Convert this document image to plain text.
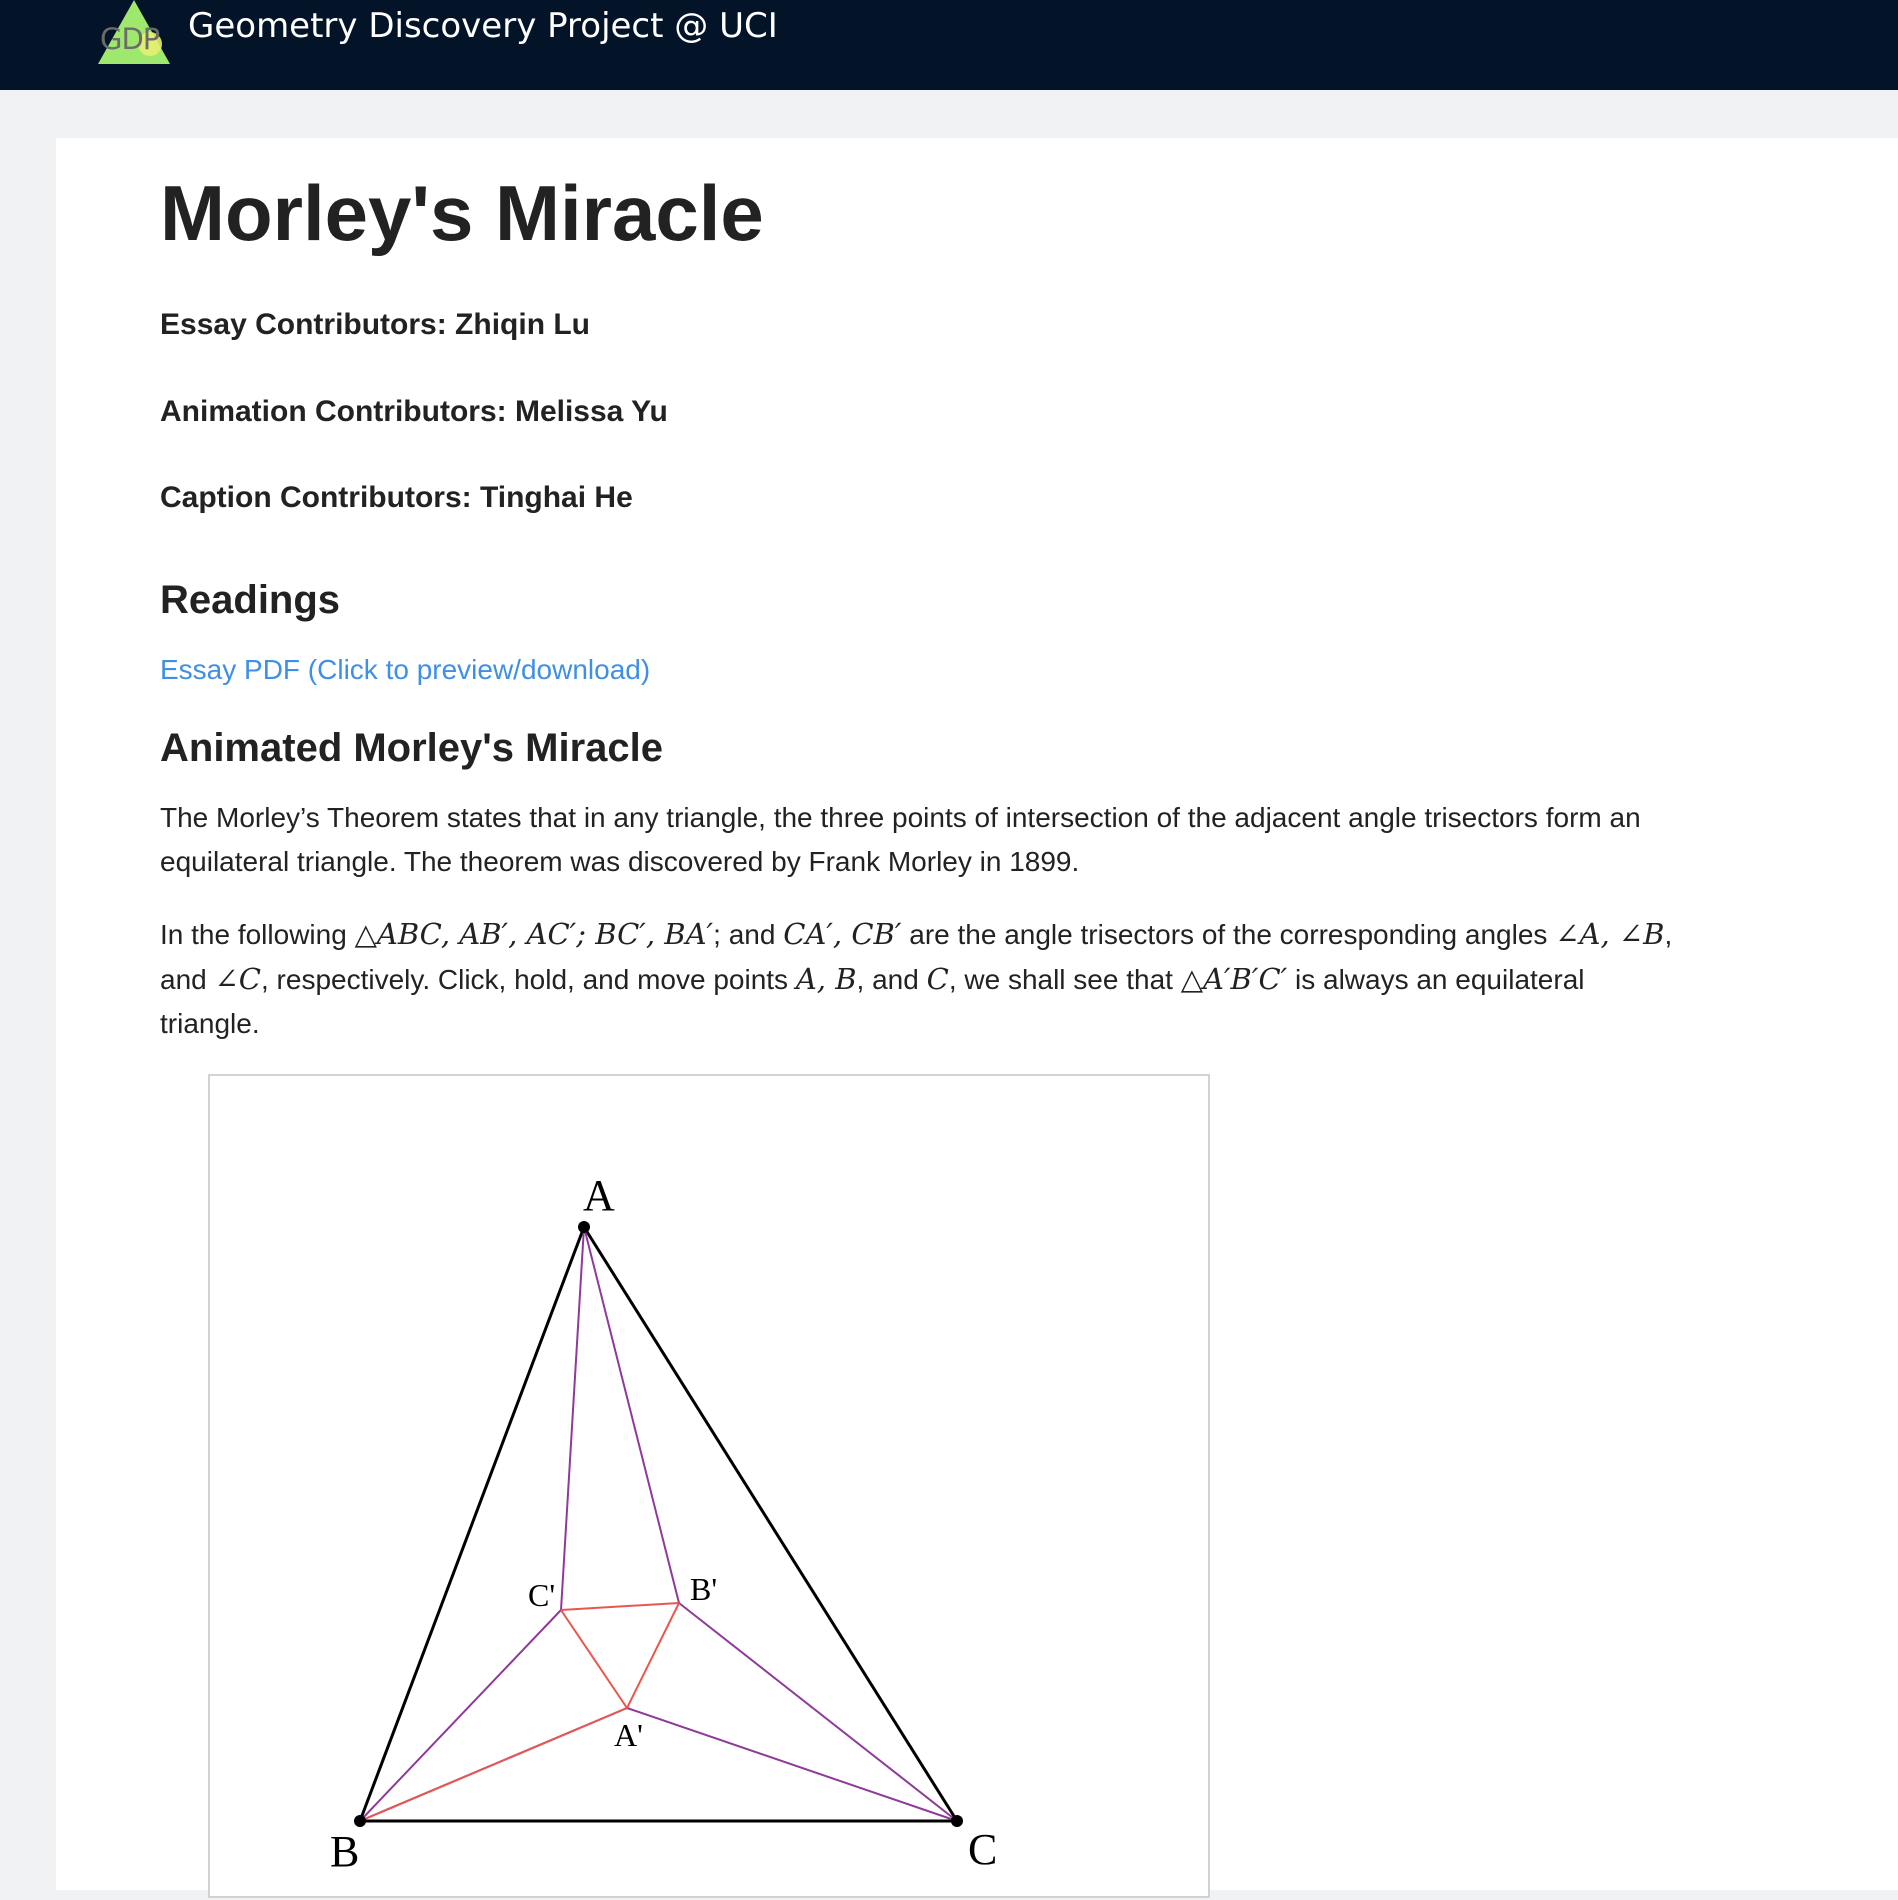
GDP Geometry Discovery Project @ UCI
Morley's Miracle

Essay Contributors: Zhiqin Lu

Animation Contributors: Melissa Yu

Caption Contributors: Tinghai He

Readings
Essay PDF (Click to preview/download)
Animated Morley's Miracle

The Morley’s Theorem states that in any triangle, the three points of intersection of the adjacent angle trisectors form an equilateral triangle. The theorem was discovered by Frank Morley in 1899.

In the following △ABC, AB′, AC′; BC′, BA′; and CA′, CB′ are the angle trisectors of the corresponding angles ∠A, ∠B, and ∠C, respectively. Click, hold, and move points A, B, and C, we shall see that △A′B′C′ is always an equilateral triangle.

A
B	C
A'
B'
C'
